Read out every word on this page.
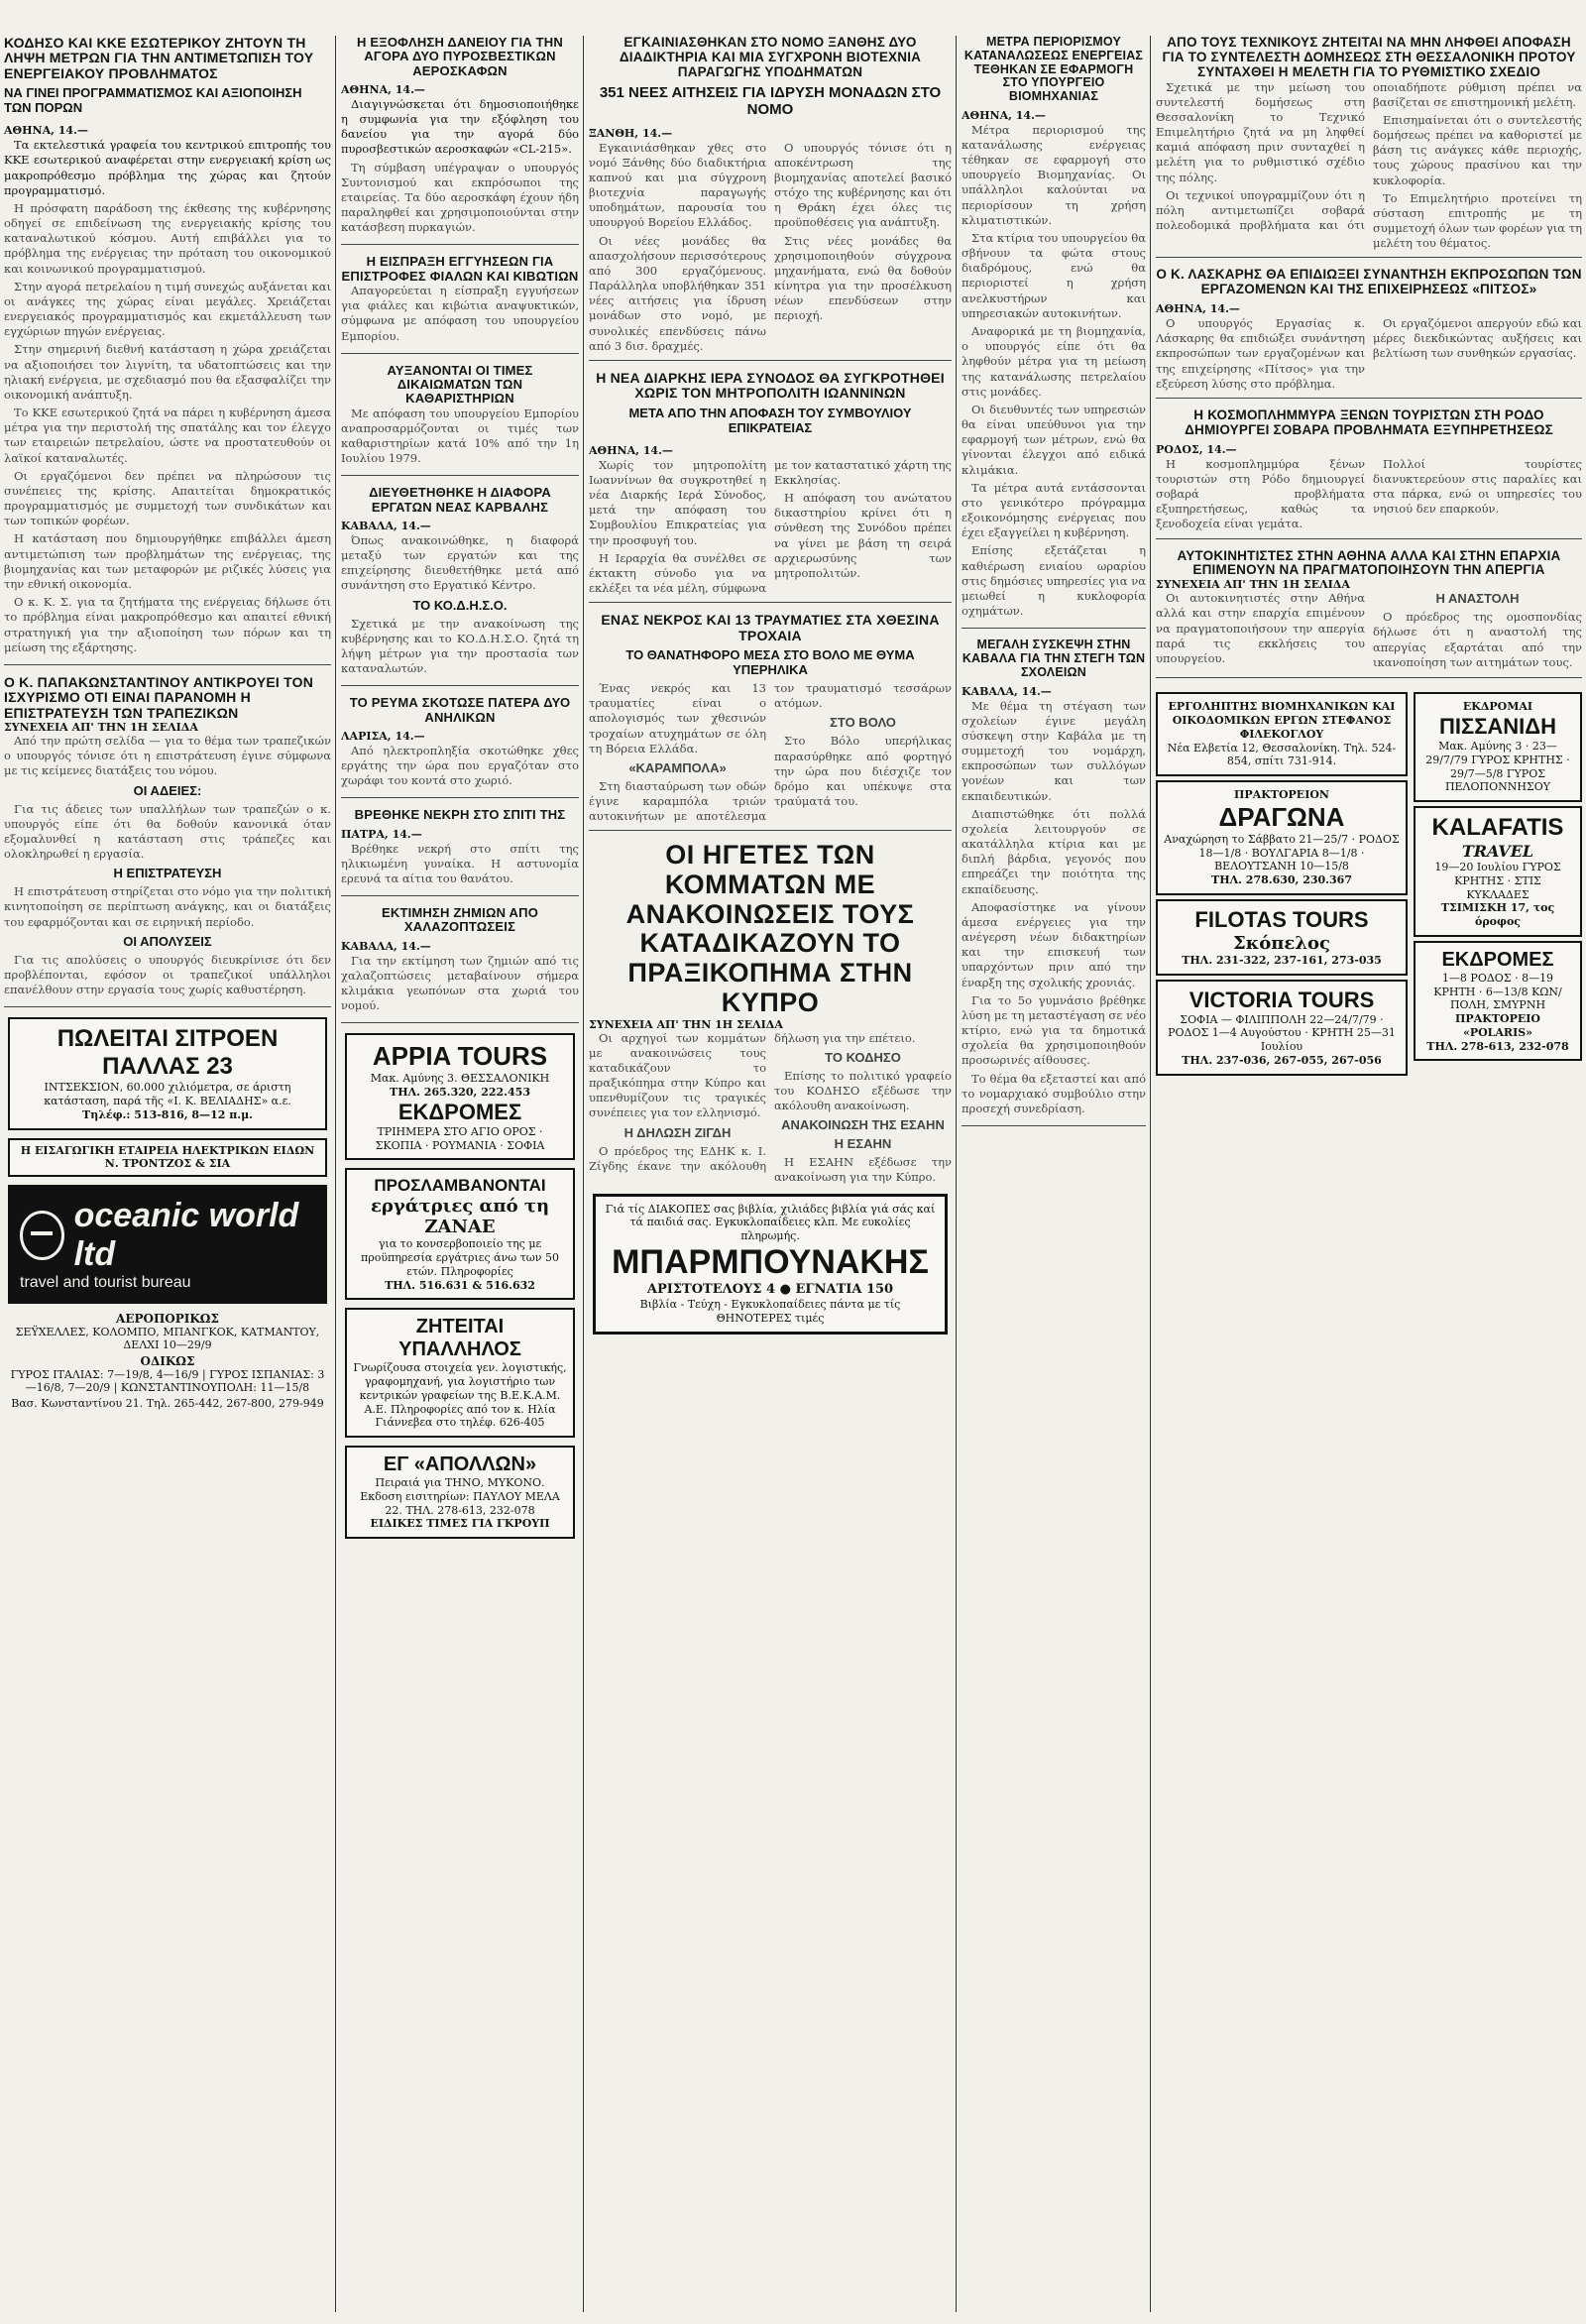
ΚΟΔΗΣΟ ΚΑΙ ΚΚΕ ΕΣΩΤΕΡΙΚΟΥ ΖΗΤΟΥΝ ΤΗ ΛΗΨΗ ΜΕΤΡΩΝ ΓΙΑ ΤΗΝ ΑΝΤΙΜΕΤΩΠΙΣΗ ΤΟΥ ΕΝΕΡΓΕΙΑΚΟΥ ΠΡΟΒΛΗΜΑΤΟΣ
ΝΑ ΓΙΝΕΙ ΠΡΟΓΡΑΜΜΑΤΙΣΜΟΣ ΚΑΙ ΑΞΙΟΠΟΙΗΣΗ ΤΩΝ ΠΟΡΩΝ
ΑΘΗΝΑ, 14.—

Τα εκτελεστικά γραφεία του κεντρικού επιτροπής του ΚΚΕ εσωτερικού αναφέρεται στην ενεργειακή κρίση ως μακροπρόθεσμο πρόβλημα της χώρας και ζητούν προγραμματισμό.

Η πρόσφατη παράδοση της έκθεσης της κυβέρνησης οδηγεί σε επιδείνωση της ενεργειακής κρίσης του καταναλωτικού κόσμου. Αυτή επιβάλλει για το πρόβλημα της ενέργειας την πρόταση του οικονομικού και κοινωνικού προγραμματισμού.

Στην αγορά πετρελαίου η τιμή συνεχώς αυξάνεται και οι ανάγκες της χώρας είναι μεγάλες. Χρειάζεται ενεργειακός προγραμματισμός και εκμετάλλευση των εγχώριων πηγών ενέργειας.

Στην σημερινή διεθνή κατάσταση η χώρα χρειάζεται να αξιοποιήσει τον λιγνίτη, τα υδατοπτώσεις και την ηλιακή ενέργεια, με σχεδιασμό που θα εξασφαλίζει την οικονομική ανάπτυξη.

Το ΚΚΕ εσωτερικού ζητά να πάρει η κυβέρνηση άμεσα μέτρα για την περιστολή της σπατάλης και τον έλεγχο των εταιρειών πετρελαίου, ώστε να προστατευθούν οι λαϊκοί καταναλωτές.

Οι εργαζόμενοι δεν πρέπει να πληρώσουν τις συνέπειες της κρίσης. Απαιτείται δημοκρατικός προγραμματισμός με συμμετοχή των συνδικάτων και των τοπικών φορέων.

Η κατάσταση που δημιουργήθηκε επιβάλλει άμεση αντιμετώπιση των προβλημάτων της ενέργειας, της βιομηχανίας και των μεταφορών με ριζικές λύσεις για την εθνική οικονομία.

Ο κ. Κ. Σ. για τα ζητήματα της ενέργειας δήλωσε ότι το πρόβλημα είναι μακροπρόθεσμο και απαιτεί εθνική στρατηγική για την αξιοποίηση των πόρων και τη μείωση της εξάρτησης.

Ο Κ. ΠΑΠΑΚΩΝΣΤΑΝΤΙΝΟΥ ΑΝΤΙΚΡΟΥΕΙ ΤΟΝ ΙΣΧΥΡΙΣΜΟ ΟΤΙ ΕΙΝΑΙ ΠΑΡΑΝΟΜΗ Η ΕΠΙΣΤΡΑΤΕΥΣΗ ΤΩΝ ΤΡΑΠΕΖΙΚΩΝ
ΣΥΝΕΧΕΙΑ ΑΠ' ΤΗΝ 1Η ΣΕΛΙΔΑ

Από την πρώτη σελίδα — για το θέμα των τραπεζικών ο υπουργός τόνισε ότι η επιστράτευση έγινε σύμφωνα με τις κείμενες διατάξεις του νόμου.

ΟΙ ΑΔΕΙΕΣ:

Για τις άδειες των υπαλλήλων των τραπεζών ο κ. υπουργός είπε ότι θα δοθούν κανονικά όταν εξομαλυνθεί η κατάσταση στις τράπεζες και ολοκληρωθεί η εργασία.

Η ΕΠΙΣΤΡΑΤΕΥΣΗ

Η επιστράτευση στηρίζεται στο νόμο για την πολιτική κινητοποίηση σε περίπτωση ανάγκης, και οι διατάξεις του εφαρμόζονται και σε ειρηνική περίοδο.

ΟΙ ΑΠΟΛΥΣΕΙΣ

Για τις απολύσεις ο υπουργός διευκρίνισε ότι δεν προβλέπονται, εφόσον οι τραπεζικοί υπάλληλοι επανέλθουν στην εργασία τους χωρίς καθυστέρηση.

ΠΩΛΕΙΤΑΙ ΣΙΤΡΟΕΝ ΠΑΛΛΑΣ 23
ΙΝΤΣΕΚΣΙΟΝ, 60.000 χιλιόμετρα, σε άριστη κατάσταση, παρά τῆς «Ι. Κ. ΒΕΛΙΑΔΗΣ» α.ε.
Τηλέφ.: 513-816, 8—12 π.μ.
Η ΕΙΣΑΓΩΓΙΚΗ ΕΤΑΙΡΕΙΑ ΗΛΕΚΤΡΙΚΩΝ ΕΙΔΩΝ Ν. ΤΡΟΝΤΖΟΣ & ΣΙΑ
oceanic world ltd
travel and tourist bureau
ΑΕΡΟΠΟΡΙΚΩΣ
ΣΕΫΧΕΛΛΕΣ, ΚΟΛΟΜΠΟ, ΜΠΑΝΓΚΟΚ, ΚΑΤΜΑΝΤΟΥ, ΔΕΛΧΙ 10—29/9
ΟΔΙΚΩΣ
ΓΥΡΟΣ ΙΤΑΛΙΑΣ: 7—19/8, 4—16/9 | ΓΥΡΟΣ ΙΣΠΑΝΙΑΣ: 3—16/8, 7—20/9 | ΚΩΝΣΤΑΝΤΙΝΟΥΠΟΛΗ: 11—15/8
Βασ. Κωνσταντίνου 21. Τηλ. 265-442, 267-800, 279-949
Η ΕΞΟΦΛΗΣΗ ΔΑΝΕΙΟΥ ΓΙΑ ΤΗΝ ΑΓΟΡΑ ΔΥΟ ΠΥΡΟΣΒΕΣΤΙΚΩΝ ΑΕΡΟΣΚΑΦΩΝ
ΑΘΗΝΑ, 14.—

Διαγιγνώσκεται ότι δημοσιοποιήθηκε η συμφωνία για την εξόφληση του δανείου για την αγορά δύο πυροσβεστικών αεροσκαφών «CL-215».

Τη σύμβαση υπέγραψαν ο υπουργός Συντονισμού και εκπρόσωποι της εταιρείας. Τα δύο αεροσκάφη έχουν ήδη παραληφθεί και χρησιμοποιούνται στην κατάσβεση πυρκαγιών.

Η ΕΙΣΠΡΑΞΗ ΕΓΓΥΗΣΕΩΝ ΓΙΑ ΕΠΙΣΤΡΟΦΕΣ ΦΙΑΛΩΝ ΚΑΙ ΚΙΒΩΤΙΩΝ

Απαγορεύεται η είσπραξη εγγυήσεων για φιάλες και κιβώτια αναψυκτικών, σύμφωνα με απόφαση του υπουργείου Εμπορίου.

ΑΥΞΑΝΟΝΤΑΙ ΟΙ ΤΙΜΕΣ ΔΙΚΑΙΩΜΑΤΩΝ ΤΩΝ ΚΑΘΑΡΙΣΤΗΡΙΩΝ

Με απόφαση του υπουργείου Εμπορίου αναπροσαρμόζονται οι τιμές των καθαριστηρίων κατά 10% από την 1η Ιουλίου 1979.

ΔΙΕΥΘΕΤΗΘΗΚΕ Η ΔΙΑΦΟΡΑ ΕΡΓΑΤΩΝ ΝΕΑΣ ΚΑΡΒΑΛΗΣ
ΚΑΒΑΛΑ, 14.—

Όπως ανακοινώθηκε, η διαφορά μεταξύ των εργατών και της επιχείρησης διευθετήθηκε μετά από συνάντηση στο Εργατικό Κέντρο.

ΤΟ ΚΟ.Δ.Η.Σ.Ο.

Σχετικά με την ανακοίνωση της κυβέρνησης και το ΚΟ.Δ.Η.Σ.Ο. ζητά τη λήψη μέτρων για την προστασία των καταναλωτών.

ΤΟ ΡΕΥΜΑ ΣΚΟΤΩΣΕ ΠΑΤΕΡΑ ΔΥΟ ΑΝΗΛΙΚΩΝ
ΛΑΡΙΣΑ, 14.—

Από ηλεκτροπληξία σκοτώθηκε χθες εργάτης την ώρα που εργαζόταν στο χωράφι του κοντά στο χωριό.

ΒΡΕΘΗΚΕ ΝΕΚΡΗ ΣΤΟ ΣΠΙΤΙ ΤΗΣ
ΠΑΤΡΑ, 14.—

Βρέθηκε νεκρή στο σπίτι της ηλικιωμένη γυναίκα. Η αστυνομία ερευνά τα αίτια του θανάτου.

ΕΚΤΙΜΗΣΗ ΖΗΜΙΩΝ ΑΠΟ ΧΑΛΑΖΟΠΤΩΣΕΙΣ
ΚΑΒΑΛΑ, 14.—

Για την εκτίμηση των ζημιών από τις χαλαζοπτώσεις μεταβαίνουν σήμερα κλιμάκια γεωπόνων στα χωριά του νομού.

APPIA TOURS
Μακ. Αμύνης 3. ΘΕΣΣΑΛΟΝΙΚΗ
ΤΗΛ. 265.320, 222.453
ΕΚΔΡΟΜΕΣ
ΤΡΙΗΜΕΡΑ ΣΤΟ ΑΓΙΟ ΟΡΟΣ · ΣΚΟΠΙΑ · ΡΟΥΜΑΝΙΑ · ΣΟΦΙΑ
ΠΡΟΣΛΑΜΒΑΝΟΝΤΑΙ
εργάτριες από τη ΖΑΝΑΕ
για το κονσερβοποιείο της με προϋπηρεσία εργάτριες άνω των 50 ετών. Πληροφορίες
ΤΗΛ. 516.631 & 516.632
ΖΗΤΕΙΤΑΙ ΥΠΑΛΛΗΛΟΣ
Γνωρίζουσα στοιχεία γεν. λογιστικής, γραφομηχανή, για λογιστήριο των κεντρικών γραφείων της Β.Ε.Κ.Α.Μ. Α.Ε. Πληροφορίες από τον κ. Ηλία Γιάννεβεα στο τηλέφ. 626-405
ΕΓ «ΑΠΟΛΛΩΝ»
Πειραιά για ΤΗΝΟ, ΜΥΚΟΝΟ. Εκδοση εισιτηρίων: ΠΑΥΛΟΥ ΜΕΛΑ 22. ΤΗΛ. 278-613, 232-078
ΕΙΔΙΚΕΣ ΤΙΜΕΣ ΓΙΑ ΓΚΡΟΥΠ
ΕΓΚΑΙΝΙΑΣΘΗΚΑΝ ΣΤΟ ΝΟΜΟ ΞΑΝΘΗΣ ΔΥΟ ΔΙΑΔΙΚΤΗΡΙΑ ΚΑΙ ΜΙΑ ΣΥΓΧΡΟΝΗ ΒΙΟΤΕΧΝΙΑ ΠΑΡΑΓΩΓΗΣ ΥΠΟΔΗΜΑΤΩΝ
351 ΝΕΕΣ ΑΙΤΗΣΕΙΣ ΓΙΑ ΙΔΡΥΣΗ ΜΟΝΑΔΩΝ ΣΤΟ ΝΟΜΟ
ΞΑΝΘΗ, 14.—

Εγκαινιάσθηκαν χθες στο νομό Ξάνθης δύο διαδικτήρια καπνού και μια σύγχρονη βιοτεχνία παραγωγής υποδημάτων, παρουσία του υπουργού Βορείου Ελλάδος.

Οι νέες μονάδες θα απασχολήσουν περισσότερους από 300 εργαζόμενους. Παράλληλα υποβλήθηκαν 351 νέες αιτήσεις για ίδρυση μονάδων στο νομό, με συνολικές επενδύσεις πάνω από 3 δισ. δραχμές.

Ο υπουργός τόνισε ότι η αποκέντρωση της βιομηχανίας αποτελεί βασικό στόχο της κυβέρνησης και ότι η Θράκη έχει όλες τις προϋποθέσεις για ανάπτυξη.

Στις νέες μονάδες θα χρησιμοποιηθούν σύγχρονα μηχανήματα, ενώ θα δοθούν κίνητρα για την προσέλκυση νέων επενδύσεων στην περιοχή.

Η ΝΕΑ ΔΙΑΡΚΗΣ ΙΕΡΑ ΣΥΝΟΔΟΣ ΘΑ ΣΥΓΚΡΟΤΗΘΕΙ ΧΩΡΙΣ ΤΟΝ ΜΗΤΡΟΠΟΛΙΤΗ ΙΩΑΝΝΙΝΩΝ
ΜΕΤΑ ΑΠΟ ΤΗΝ ΑΠΟΦΑΣΗ ΤΟΥ ΣΥΜΒΟΥΛΙΟΥ ΕΠΙΚΡΑΤΕΙΑΣ
ΑΘΗΝΑ, 14.—

Χωρίς τον μητροπολίτη Ιωαννίνων θα συγκροτηθεί η νέα Διαρκής Ιερά Σύνοδος, μετά την απόφαση του Συμβουλίου Επικρατείας για την προσφυγή του.

Η Ιεραρχία θα συνέλθει σε έκτακτη σύνοδο για να εκλέξει τα νέα μέλη, σύμφωνα με τον καταστατικό χάρτη της Εκκλησίας.

Η απόφαση του ανώτατου δικαστηρίου κρίνει ότι η σύνθεση της Συνόδου πρέπει να γίνει με βάση τη σειρά αρχιερωσύνης των μητροπολιτών.

ΕΝΑΣ ΝΕΚΡΟΣ ΚΑΙ 13 ΤΡΑΥΜΑΤΙΕΣ ΣΤΑ ΧΘΕΣΙΝΑ ΤΡΟΧΑΙΑ
ΤΟ ΘΑΝΑΤΗΦΟΡΟ ΜΕΣΑ ΣΤΟ ΒΟΛΟ ΜΕ ΘΥΜΑ ΥΠΕΡΗΛΙΚΑ

Ένας νεκρός και 13 τραυματίες είναι ο απολογισμός των χθεσινών τροχαίων ατυχημάτων σε όλη τη Βόρεια Ελλάδα.

«ΚΑΡΑΜΠΟΛΑ»

Στη διασταύρωση των οδών έγινε καραμπόλα τριών αυτοκινήτων με αποτέλεσμα τον τραυματισμό τεσσάρων ατόμων.

ΣΤΟ ΒΟΛΟ

Στο Βόλο υπερήλικας παρασύρθηκε από φορτηγό την ώρα που διέσχιζε τον δρόμο και υπέκυψε στα τραύματά του.

ΟΙ ΗΓΕΤΕΣ ΤΩΝ ΚΟΜΜΑΤΩΝ ΜΕ ΑΝΑΚΟΙΝΩΣΕΙΣ ΤΟΥΣ ΚΑΤΑΔΙΚΑΖΟΥΝ ΤΟ ΠΡΑΞΙΚΟΠΗΜΑ ΣΤΗΝ ΚΥΠΡΟ
ΣΥΝΕΧΕΙΑ ΑΠ' ΤΗΝ 1Η ΣΕΛΙΔΑ

Οι αρχηγοί των κομμάτων με ανακοινώσεις τους καταδικάζουν το πραξικόπημα στην Κύπρο και υπενθυμίζουν τις τραγικές συνέπειες για τον ελληνισμό.

Η ΔΗΛΩΣΗ ΖΙΓΔΗ

Ο πρόεδρος της ΕΔΗΚ κ. Ι. Ζίγδης έκανε την ακόλουθη δήλωση για την επέτειο.

ΤΟ ΚΟΔΗΣΟ

Επίσης το πολιτικό γραφείο του ΚΟΔΗΣΟ εξέδωσε την ακόλουθη ανακοίνωση.

ΑΝΑΚΟΙΝΩΣΗ ΤΗΣ ΕΣΑΗΝ
Η ΕΣΑΗΝ

Η ΕΣΑΗΝ εξέδωσε την ανακοίνωση για την Κύπρο.

Γιά τίς ΔΙΑΚΟΠΕΣ σας βιβλία, χιλιάδες βιβλία γιά σάς καί τά παιδιά σας. Εγκυκλοπαίδειες κλπ. Με ευκολίες πληρωμής.
ΜΠΑΡΜΠΟΥΝΑΚΗΣ
ΑΡΙΣΤΟΤΕΛΟΥΣ 4 ● ΕΓΝΑΤΙΑ 150
Βιβλία - Τεύχη - Εγκυκλοπαίδειες πάντα με τίς ΘΗΝΟΤΕΡΕΣ τιμές
ΜΕΤΡΑ ΠΕΡΙΟΡΙΣΜΟΥ ΚΑΤΑΝΑΛΩΣΕΩΣ ΕΝΕΡΓΕΙΑΣ ΤΕΘΗΚΑΝ ΣΕ ΕΦΑΡΜΟΓΗ ΣΤΟ ΥΠΟΥΡΓΕΙΟ ΒΙΟΜΗΧΑΝΙΑΣ
ΑΘΗΝΑ, 14.—

Μέτρα περιορισμού της κατανάλωσης ενέργειας τέθηκαν σε εφαρμογή στο υπουργείο Βιομηχανίας. Οι υπάλληλοι καλούνται να περιορίσουν τη χρήση κλιματιστικών.

Στα κτίρια του υπουργείου θα σβήνουν τα φώτα στους διαδρόμους, ενώ θα περιοριστεί η χρήση ανελκυστήρων και υπηρεσιακών αυτοκινήτων.

Αναφορικά με τη βιομηχανία, ο υπουργός είπε ότι θα ληφθούν μέτρα για τη μείωση της κατανάλωσης πετρελαίου στις μονάδες.

Οι διευθυντές των υπηρεσιών θα είναι υπεύθυνοι για την εφαρμογή των μέτρων, ενώ θα γίνονται έλεγχοι από ειδικά κλιμάκια.

Τα μέτρα αυτά εντάσσονται στο γενικότερο πρόγραμμα εξοικονόμησης ενέργειας που έχει εξαγγείλει η κυβέρνηση.

Επίσης εξετάζεται η καθιέρωση ενιαίου ωραρίου στις δημόσιες υπηρεσίες για να μειωθεί η κυκλοφορία οχημάτων.

ΜΕΓΑΛΗ ΣΥΣΚΕΨΗ ΣΤΗΝ ΚΑΒΑΛΑ ΓΙΑ ΤΗΝ ΣΤΕΓΗ ΤΩΝ ΣΧΟΛΕΙΩΝ
ΚΑΒΑΛΑ, 14.—

Με θέμα τη στέγαση των σχολείων έγινε μεγάλη σύσκεψη στην Καβάλα με τη συμμετοχή του νομάρχη, εκπροσώπων των συλλόγων γονέων και των εκπαιδευτικών.

Διαπιστώθηκε ότι πολλά σχολεία λειτουργούν σε ακατάλληλα κτίρια και με διπλή βάρδια, γεγονός που επηρεάζει την ποιότητα της εκπαίδευσης.

Αποφασίστηκε να γίνουν άμεσα ενέργειες για την ανέγερση νέων διδακτηρίων και την επισκευή των υπαρχόντων πριν από την έναρξη της σχολικής χρονιάς.

Για το 5ο γυμνάσιο βρέθηκε λύση με τη μεταστέγαση σε νέο κτίριο, ενώ για τα δημοτικά σχολεία θα χρησιμοποιηθούν προσωρινές αίθουσες.

Το θέμα θα εξεταστεί και από το νομαρχιακό συμβούλιο στην προσεχή συνεδρίαση.

ΑΠΟ ΤΟΥΣ ΤΕΧΝΙΚΟΥΣ ΖΗΤΕΙΤΑΙ ΝΑ ΜΗΝ ΛΗΦΘΕΙ ΑΠΟΦΑΣΗ ΓΙΑ ΤΟ ΣΥΝΤΕΛΕΣΤΗ ΔΟΜΗΣΕΩΣ ΣΤΗ ΘΕΣΣΑΛΟΝΙΚΗ ΠΡΟΤΟΥ ΣΥΝΤΑΧΘΕΙ Η ΜΕΛΕΤΗ ΓΙΑ ΤΟ ΡΥΘΜΙΣΤΙΚΟ ΣΧΕΔΙΟ

Σχετικά με την μείωση του συντελεστή δομήσεως στη Θεσσαλονίκη το Τεχνικό Επιμελητήριο ζητά να μη ληφθεί καμιά απόφαση πριν συνταχθεί η μελέτη για το ρυθμιστικό σχέδιο της πόλης.

Οι τεχνικοί υπογραμμίζουν ότι η πόλη αντιμετωπίζει σοβαρά πολεοδομικά προβλήματα και ότι οποιαδήποτε ρύθμιση πρέπει να βασίζεται σε επιστημονική μελέτη.

Επισημαίνεται ότι ο συντελεστής δομήσεως πρέπει να καθοριστεί με βάση τις ανάγκες κάθε περιοχής, τους χώρους πρασίνου και την κυκλοφορία.

Το Επιμελητήριο προτείνει τη σύσταση επιτροπής με τη συμμετοχή όλων των φορέων για τη μελέτη του θέματος.

Ο Κ. ΛΑΣΚΑΡΗΣ ΘΑ ΕΠΙΔΙΩΞΕΙ ΣΥΝΑΝΤΗΣΗ ΕΚΠΡΟΣΩΠΩΝ ΤΩΝ ΕΡΓΑΖΟΜΕΝΩΝ ΚΑΙ ΤΗΣ ΕΠΙΧΕΙΡΗΣΕΩΣ «ΠΙΤΣΟΣ»
ΑΘΗΝΑ, 14.—

Ο υπουργός Εργασίας κ. Λάσκαρης θα επιδιώξει συνάντηση εκπροσώπων των εργαζομένων και της επιχείρησης «Πίτσος» για την εξεύρεση λύσης στο πρόβλημα.

Οι εργαζόμενοι απεργούν εδώ και μέρες διεκδικώντας αυξήσεις και βελτίωση των συνθηκών εργασίας.

Η ΚΟΣΜΟΠΛΗΜΜΥΡΑ ΞΕΝΩΝ ΤΟΥΡΙΣΤΩΝ ΣΤΗ ΡΟΔΟ ΔΗΜΙΟΥΡΓΕΙ ΣΟΒΑΡΑ ΠΡΟΒΛΗΜΑΤΑ ΕΞΥΠΗΡΕΤΗΣΕΩΣ
ΡΟΔΟΣ, 14.—

Η κοσμοπλημμύρα ξένων τουριστών στη Ρόδο δημιουργεί σοβαρά προβλήματα εξυπηρετήσεως, καθώς τα ξενοδοχεία είναι γεμάτα.

Πολλοί τουρίστες διανυκτερεύουν στις παραλίες και στα πάρκα, ενώ οι υπηρεσίες του νησιού δεν επαρκούν.

ΑΥΤΟΚΙΝΗΤΙΣΤΕΣ ΣΤΗΝ ΑΘΗΝΑ ΑΛΛΑ ΚΑΙ ΣΤΗΝ ΕΠΑΡΧΙΑ ΕΠΙΜΕΝΟΥΝ ΝΑ ΠΡΑΓΜΑΤΟΠΟΙΗΣΟΥΝ ΤΗΝ ΑΠΕΡΓΙΑ
ΣΥΝΕΧΕΙΑ ΑΠ' ΤΗΝ 1Η ΣΕΛΙΔΑ

Οι αυτοκινητιστές στην Αθήνα αλλά και στην επαρχία επιμένουν να πραγματοποιήσουν την απεργία παρά τις εκκλήσεις του υπουργείου.

Η ΑΝΑΣΤΟΛΗ

Ο πρόεδρος της ομοσπονδίας δήλωσε ότι η αναστολή της απεργίας εξαρτάται από την ικανοποίηση των αιτημάτων τους.

ΕΡΓΟΛΗΠΤΗΣ ΒΙΟΜΗΧΑΝΙΚΩΝ ΚΑΙ ΟΙΚΟΔΟΜΙΚΩΝ ΕΡΓΩΝ ΣΤΕΦΑΝΟΣ ΦΙΛΕΚΟΓΛΟΥ
Νέα Ελβετία 12, Θεσσαλονίκη. Τηλ. 524-854, σπίτι 731-914.
ΠΡΑΚΤΟΡΕΙΟΝ
ΔΡΑΓΩΝΑ
Αναχώρηση το Σάββατο 21—25/7 · ΡΟΔΟΣ 18—1/8 · ΒΟΥΛΓΑΡΙΑ 8—1/8 · ΒΕΛΟΥΤΣΑΝΗ 10—15/8
ΤΗΛ. 278.630, 230.367
FILOTAS TOURS
Σκόπελος
ΤΗΛ. 231-322, 237-161, 273-035
VICTORIA TOURS
ΣΟΦΙΑ — ΦΙΛΙΠΠΟΛΗ 22—24/7/79 · ΡΟΔΟΣ 1—4 Αυγούστου · ΚΡΗΤΗ 25—31 Ιουλίου
ΤΗΛ. 237-036, 267-055, 267-056
ΕΚΔΡΟΜΑΙ
ΠΙΣΣΑΝΙΔΗ
Μακ. Αμύνης 3 · 23—29/7/79 ΓΥΡΟΣ ΚΡΗΤΗΣ · 29/7—5/8 ΓΥΡΟΣ ΠΕΛΟΠΟΝΝΗΣΟΥ
KALAFATIS
TRAVEL
19—20 Ιουλίου ΓΥΡΟΣ ΚΡΗΤΗΣ · ΣΤΙΣ ΚΥΚΛΑΔΕΣ
ΤΣΙΜΙΣΚΗ 17, τος όροφος
ΕΚΔΡΟΜΕΣ
1—8 ΡΟΔΟΣ · 8—19 ΚΡΗΤΗ · 6—13/8 ΚΩΝ/ΠΟΛΗ, ΣΜΥΡΝΗ
ΠΡΑΚΤΟΡΕΙΟ «POLARIS»
ΤΗΛ. 278-613, 232-078
